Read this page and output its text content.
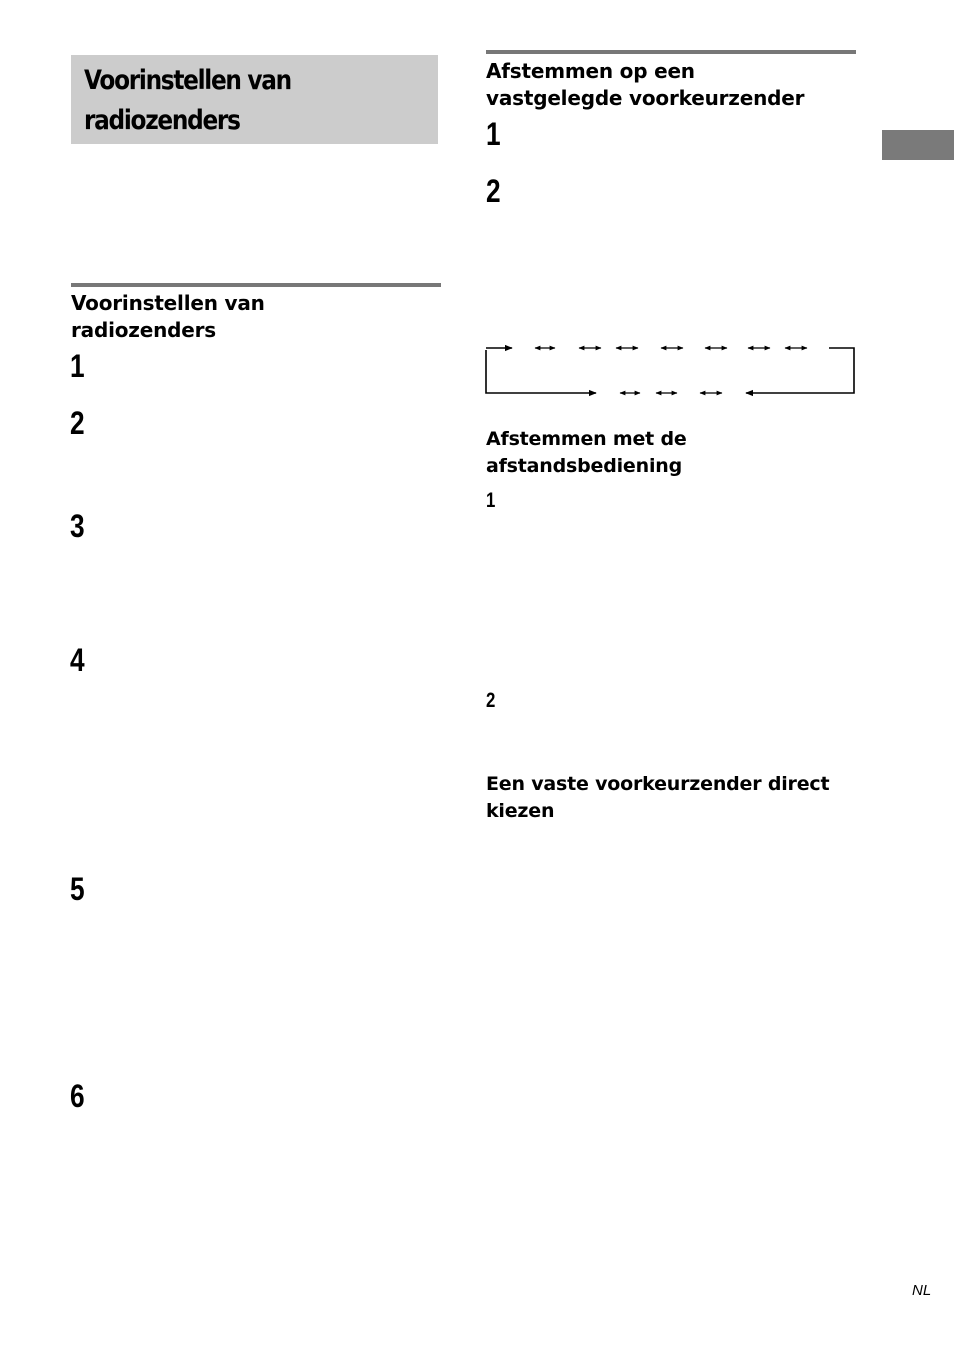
Voorinstellen van
radiozenders
Voorinstellen van
radiozenders
1
2
3
4
5
6
Afstemmen op een
vastgelegde voorkeurzender
1
2
Afstemmen met de
afstandsbediening
1
2
Een vaste voorkeurzender direct
kiezen
NL
